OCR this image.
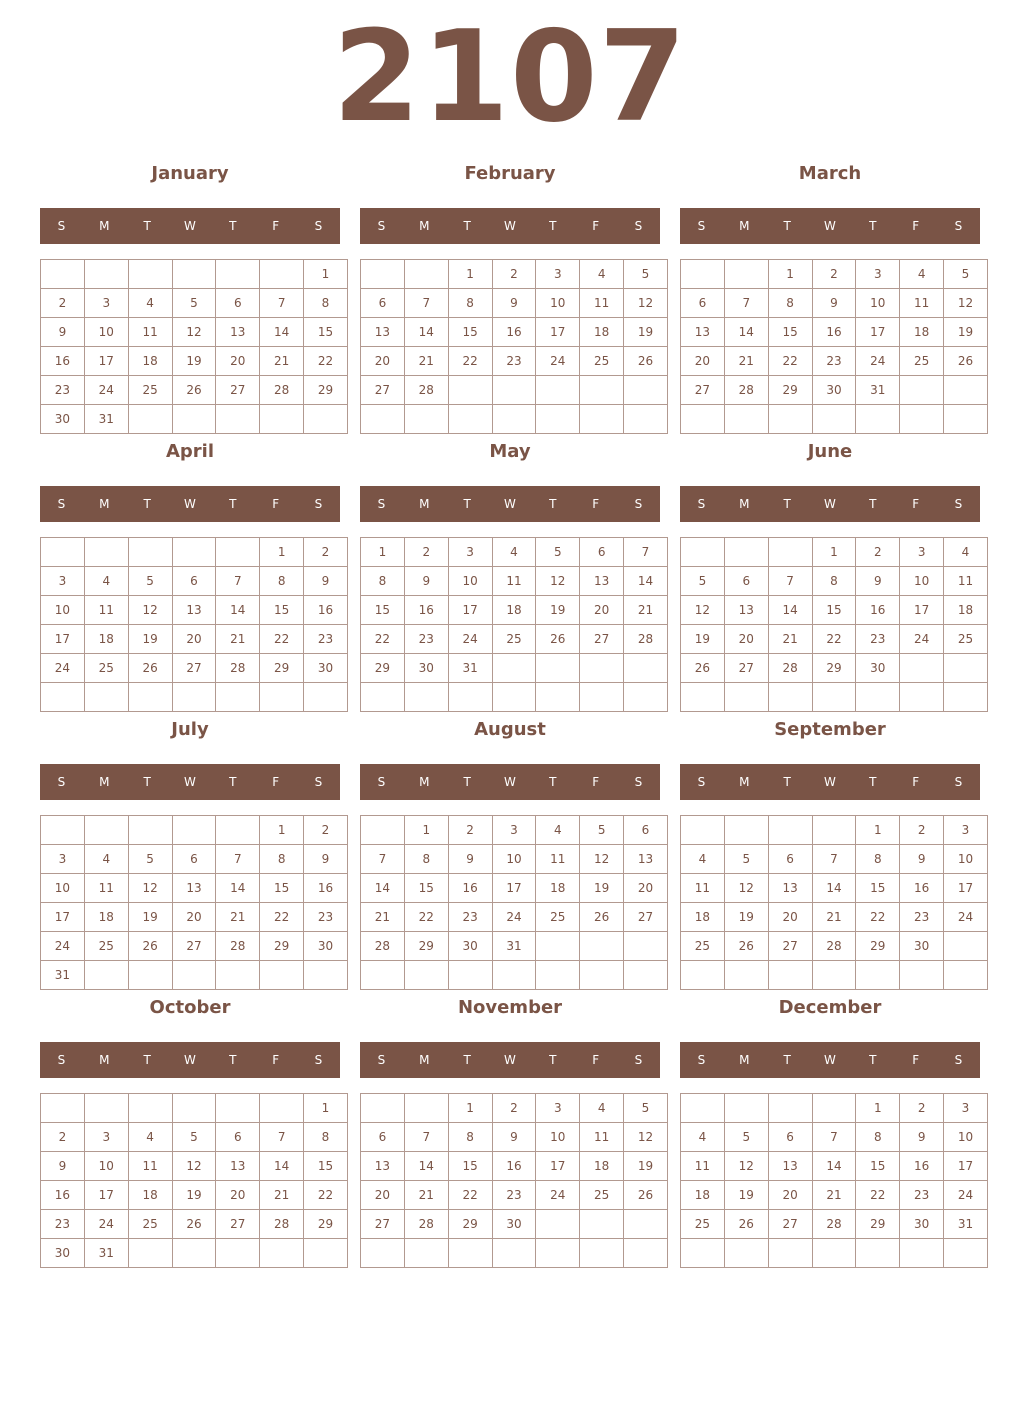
2107
January
S	M	T	W	T	F	S
						1
2	3	4	5	6	7	8
9	10	11	12	13	14	15
16	17	18	19	20	21	22
23	24	25	26	27	28	29
30	31					
February
S	M	T	W	T	F	S
		1	2	3	4	5
6	7	8	9	10	11	12
13	14	15	16	17	18	19
20	21	22	23	24	25	26
27	28					

March
S	M	T	W	T	F	S
		1	2	3	4	5
6	7	8	9	10	11	12
13	14	15	16	17	18	19
20	21	22	23	24	25	26
27	28	29	30	31		

April
S	M	T	W	T	F	S
					1	2
3	4	5	6	7	8	9
10	11	12	13	14	15	16
17	18	19	20	21	22	23
24	25	26	27	28	29	30

May
S	M	T	W	T	F	S
1	2	3	4	5	6	7
8	9	10	11	12	13	14
15	16	17	18	19	20	21
22	23	24	25	26	27	28
29	30	31				

June
S	M	T	W	T	F	S
			1	2	3	4
5	6	7	8	9	10	11
12	13	14	15	16	17	18
19	20	21	22	23	24	25
26	27	28	29	30		

July
S	M	T	W	T	F	S
					1	2
3	4	5	6	7	8	9
10	11	12	13	14	15	16
17	18	19	20	21	22	23
24	25	26	27	28	29	30
31						
August
S	M	T	W	T	F	S
	1	2	3	4	5	6
7	8	9	10	11	12	13
14	15	16	17	18	19	20
21	22	23	24	25	26	27
28	29	30	31			

September
S	M	T	W	T	F	S
				1	2	3
4	5	6	7	8	9	10
11	12	13	14	15	16	17
18	19	20	21	22	23	24
25	26	27	28	29	30	

October
S	M	T	W	T	F	S
						1
2	3	4	5	6	7	8
9	10	11	12	13	14	15
16	17	18	19	20	21	22
23	24	25	26	27	28	29
30	31					
November
S	M	T	W	T	F	S
		1	2	3	4	5
6	7	8	9	10	11	12
13	14	15	16	17	18	19
20	21	22	23	24	25	26
27	28	29	30			

December
S	M	T	W	T	F	S
				1	2	3
4	5	6	7	8	9	10
11	12	13	14	15	16	17
18	19	20	21	22	23	24
25	26	27	28	29	30	31
